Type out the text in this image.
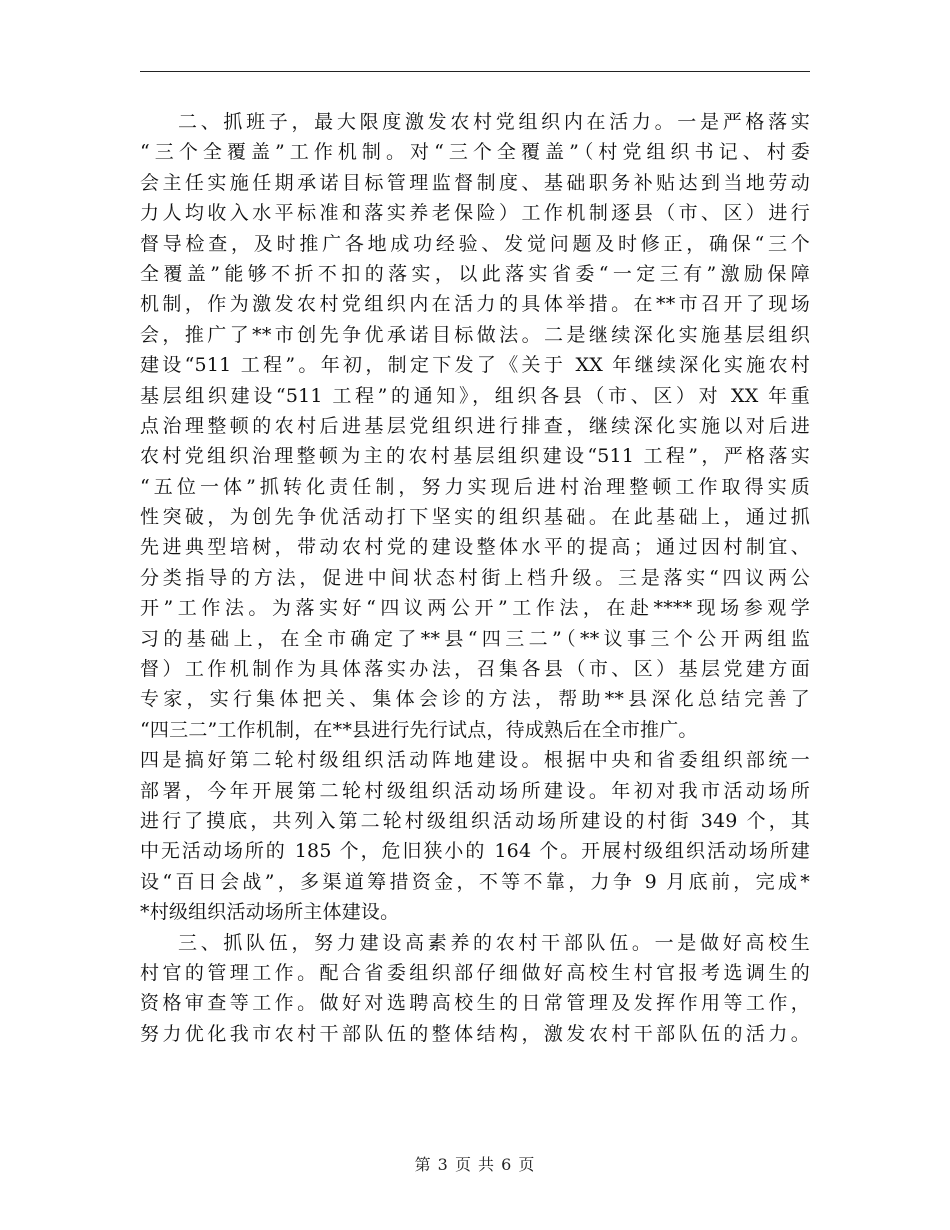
二、抓班子，最大限度激发农村党组织内在活力。一是严格落实
“三个全覆盖”工作机制。对“三个全覆盖”（村党组织书记、村委
会主任实施任期承诺目标管理监督制度、基础职务补贴达到当地劳动
力人均收入水平标准和落实养老保险）工作机制逐县（市、区）进行
督导检查，及时推广各地成功经验、发觉问题及时修正，确保“三个
全覆盖”能够不折不扣的落实，以此落实省委“一定三有”激励保障
机制，作为激发农村党组织内在活力的具体举措。在**市召开了现场
会，推广了**市创先争优承诺目标做法。二是继续深化实施基层组织
建设“511 工程”。年初，制定下发了《关于 XX 年继续深化实施农村
基层组织建设“511 工程”的通知》，组织各县（市、区）对 XX 年重
点治理整顿的农村后进基层党组织进行排查，继续深化实施以对后进
农村党组织治理整顿为主的农村基层组织建设“511 工程”，严格落实
“五位一体”抓转化责任制，努力实现后进村治理整顿工作取得实质
性突破，为创先争优活动打下坚实的组织基础。在此基础上，通过抓
先进典型培树，带动农村党的建设整体水平的提高；通过因村制宜、
分类指导的方法，促进中间状态村街上档升级。三是落实“四议两公
开”工作法。为落实好“四议两公开”工作法，在赴****现场参观学
习的基础上，在全市确定了**县“四三二”（**议事三个公开两组监
督）工作机制作为具体落实办法，召集各县（市、区）基层党建方面
专家，实行集体把关、集体会诊的方法，帮助**县深化总结完善了
“四三二”工作机制，在**县进行先行试点，待成熟后在全市推广。
四是搞好第二轮村级组织活动阵地建设。根据中央和省委组织部统一
部署，今年开展第二轮村级组织活动场所建设。年初对我市活动场所
进行了摸底，共列入第二轮村级组织活动场所建设的村街 349 个，其
中无活动场所的 185 个，危旧狭小的 164 个。开展村级组织活动场所建
设“百日会战”，多渠道筹措资金，不等不靠，力争 9 月底前，完成*
*村级组织活动场所主体建设。
三、抓队伍，努力建设高素养的农村干部队伍。一是做好高校生
村官的管理工作。配合省委组织部仔细做好高校生村官报考选调生的
资格审查等工作。做好对选聘高校生的日常管理及发挥作用等工作，
努力优化我市农村干部队伍的整体结构，激发农村干部队伍的活力。
第 3 页 共 6 页
